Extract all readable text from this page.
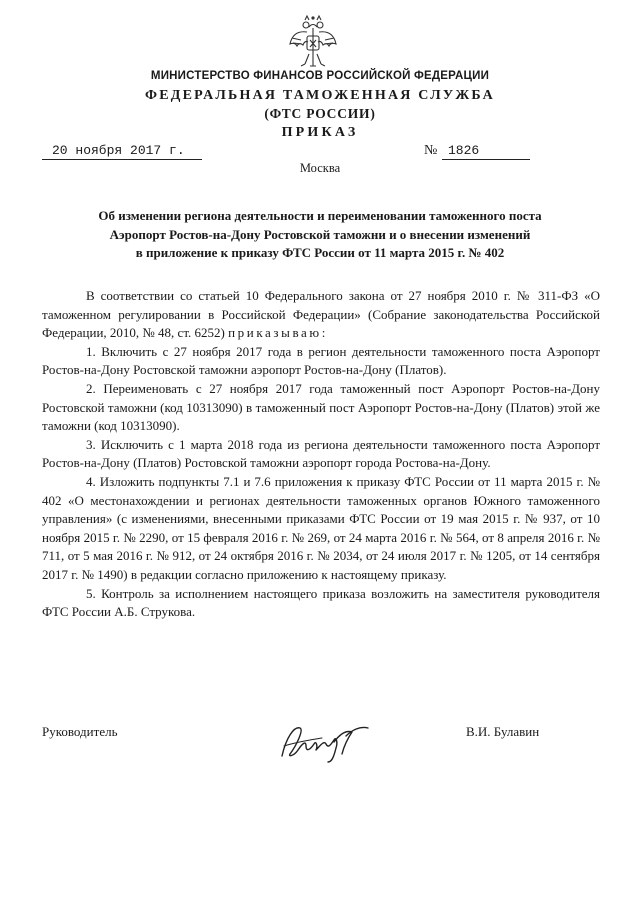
МИНИСТЕРСТВО ФИНАНСОВ РОССИЙСКОЙ ФЕДЕРАЦИИ
ФЕДЕРАЛЬНАЯ ТАМОЖЕННАЯ СЛУЖБА
(ФТС РОССИИ)
ПРИКАЗ
20 ноября 2017 г.	№ 1826
Москва
Об изменении региона деятельности и переименовании таможенного поста
Аэропорт Ростов-на-Дону Ростовской таможни и о внесении изменений
в приложение к приказу ФТС России от 11 марта 2015 г. № 402

В соответствии со статьей 10 Федерального закона от 27 ноября 2010 г. № 311-ФЗ «О таможенном регулировании в Российской Федерации» (Собрание законодательства Российской Федерации, 2010, № 48, ст. 6252) приказываю:

1. Включить с 27 ноября 2017 года в регион деятельности таможенного поста Аэропорт Ростов-на-Дону Ростовской таможни аэропорт Ростов-на-Дону (Платов).

2. Переименовать с 27 ноября 2017 года таможенный пост Аэропорт Ростов-на-Дону Ростовской таможни (код 10313090) в таможенный пост Аэропорт Ростов-на-Дону (Платов) этой же таможни (код 10313090).

3. Исключить с 1 марта 2018 года из региона деятельности таможенного поста Аэропорт Ростов-на-Дону (Платов) Ростовской таможни аэропорт города Ростова-на-Дону.

4. Изложить подпункты 7.1 и 7.6 приложения к приказу ФТС России от 11 марта 2015 г. № 402 «О местонахождении и регионах деятельности таможенных органов Южного таможенного управления» (с изменениями, внесенными приказами ФТС России от 19 мая 2015 г. № 937, от 10 ноября 2015 г. № 2290, от 15 февраля 2016 г. № 269, от 24 марта 2016 г. № 564, от 8 апреля 2016 г. № 711, от 5 мая 2016 г. № 912, от 24 октября 2016 г. № 2034, от 24 июля 2017 г. № 1205, от 14 сентября 2017 г. № 1490) в редакции согласно приложению к настоящему приказу.

5. Контроль за исполнением настоящего приказа возложить на заместителя руководителя ФТС России А.Б. Струкова.

Руководитель	В.И. Булавин
